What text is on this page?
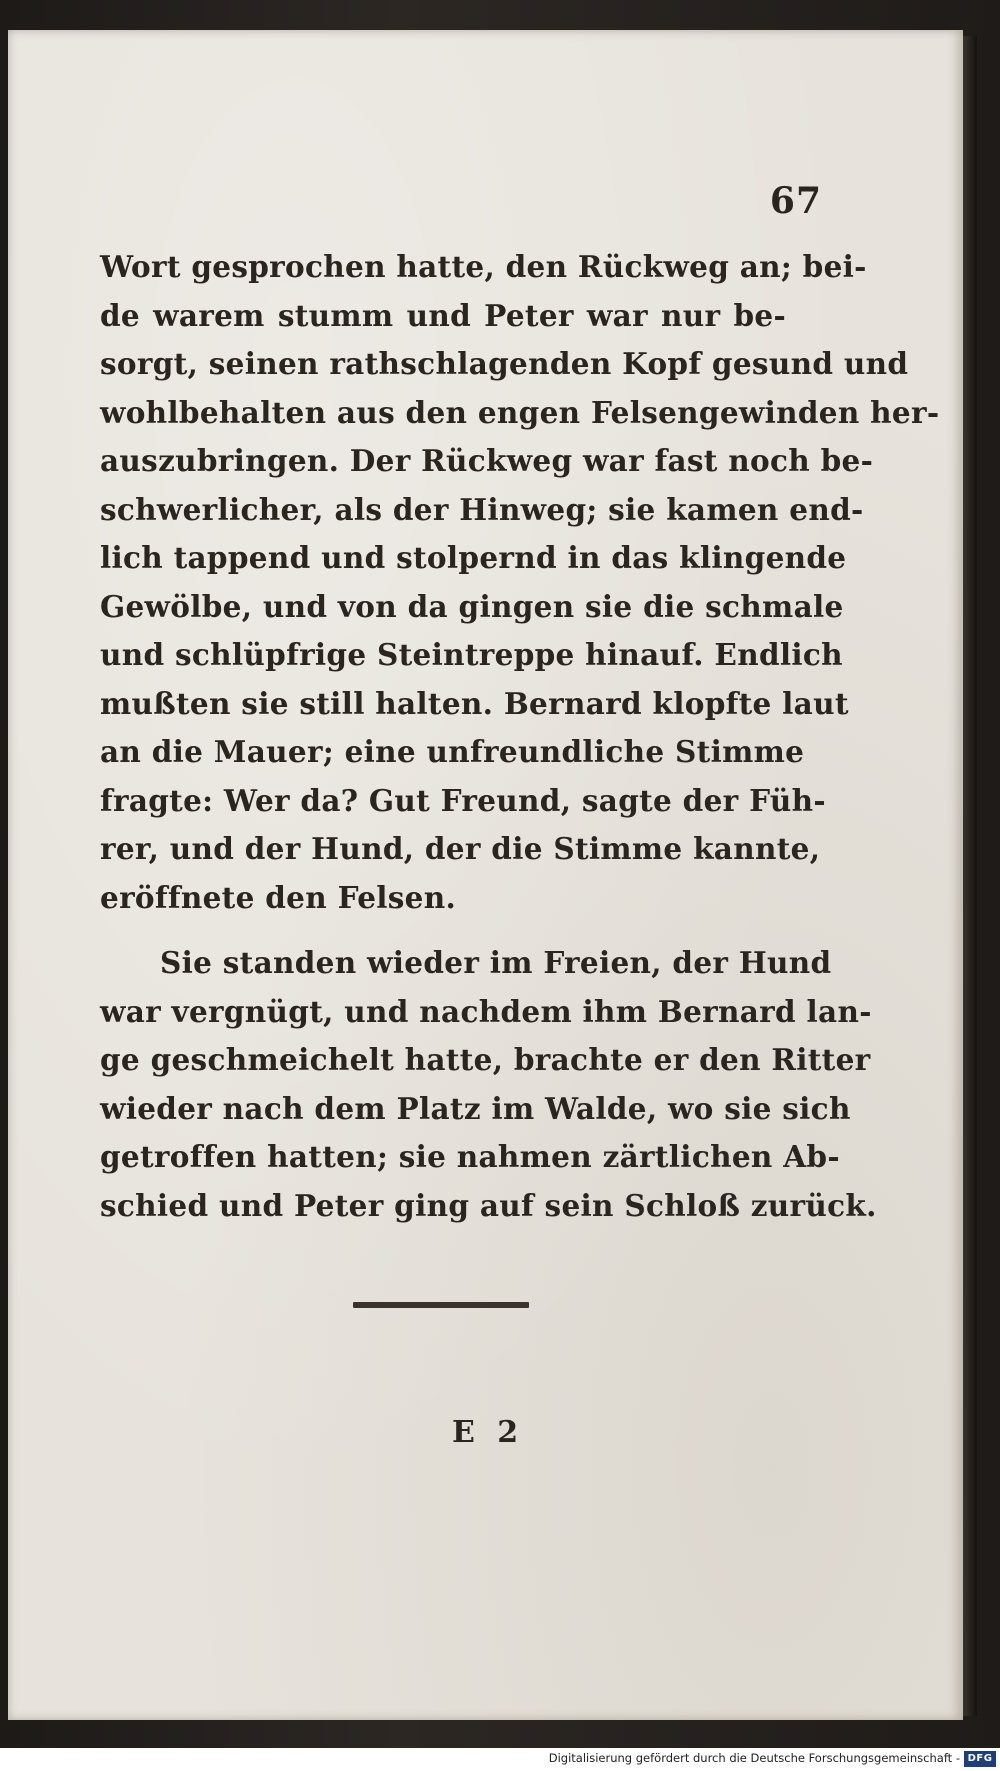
67
Wort gesprochen hatte, den Rückweg an; bei-
de warem stumm und Peter war nur be-
sorgt, seinen rathschlagenden Kopf gesund und
wohlbehalten aus den engen Felsengewinden her-
auszubringen. Der Rückweg war fast noch be-
schwerlicher, als der Hinweg; sie kamen end-
lich tappend und stolpernd in das klingende
Gewölbe, und von da gingen sie die schmale
und schlüpfrige Steintreppe hinauf. Endlich
mußten sie still halten. Bernard klopfte laut
an die Mauer; eine unfreundliche Stimme
fragte: Wer da? Gut Freund, sagte der Füh-
rer, und der Hund, der die Stimme kannte,
eröffnete den Felsen.
Sie standen wieder im Freien, der Hund
war vergnügt, und nachdem ihm Bernard lan-
ge geschmeichelt hatte, brachte er den Ritter
wieder nach dem Platz im Walde, wo sie sich
getroffen hatten; sie nahmen zärtlichen Ab-
schied und Peter ging auf sein Schloß zurück.
E 2
Digitalisierung gefördert durch die Deutsche Forschungsgemeinschaft - DFG
